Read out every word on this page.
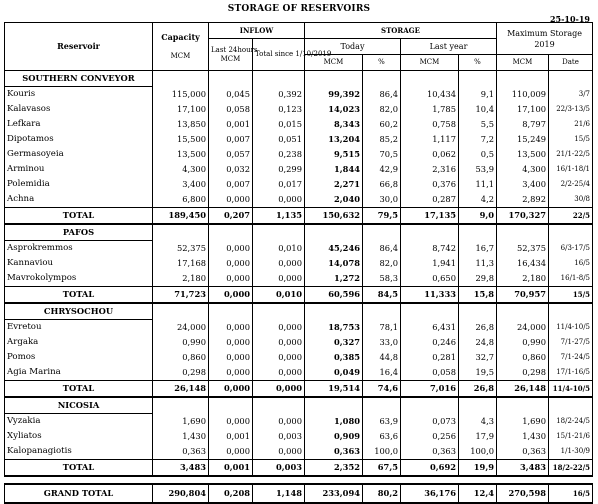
STORAGE OF RESERVOIRS
25-10-19
Reservoir	Capacity

MCM	INFLOW		STORAGE				Maximum Storage
2019	
		Last 24hours
MCM	Total since 1/10/2019	Today		Last year			
				MCM	%	MCM	%	MCM	Date
SOUTHERN CONVEYOR									
Kouris	115,000	0,045	0,392	99,392	86,4	10,434	9,1	110,009	3/7
Kalavasos	17,100	0,058	0,123	14,023	82,0	1,785	10,4	17,100	22/3-13/5
Lefkara	13,850	0,001	0,015	8,343	60,2	0,758	5,5	8,797	21/6
Dipotamos	15,500	0,007	0,051	13,204	85,2	1,117	7,2	15,249	15/5
Germasoyeia	13,500	0,057	0,238	9,515	70,5	0,062	0,5	13,500	21/1-22/5
Arminou	4,300	0,032	0,299	1,844	42,9	2,316	53,9	4,300	16/1-18/1
Polemidia	3,400	0,007	0,017	2,271	66,8	0,376	11,1	3,400	2/2-25/4
Achna	6,800	0,000	0,000	2,040	30,0	0,287	4,2	2,892	30/8
TOTAL	189,450	0,207	1,135	150,632	79,5	17,135	9,0	170,327	22/5
PAFOS									
Asprokremmos	52,375	0,000	0,010	45,246	86,4	8,742	16,7	52,375	6/3-17/5
Kannaviou	17,168	0,000	0,000	14,078	82,0	1,941	11,3	16,434	16/5
Mavrokolympos	2,180	0,000	0,000	1,272	58,3	0,650	29,8	2,180	16/1-8/5
TOTAL	71,723	0,000	0,010	60,596	84,5	11,333	15,8	70,957	15/5
CHRYSOCHOU									
Evretou	24,000	0,000	0,000	18,753	78,1	6,431	26,8	24,000	11/4-10/5
Argaka	0,990	0,000	0,000	0,327	33,0	0,246	24,8	0,990	7/1-27/5
Pomos	0,860	0,000	0,000	0,385	44,8	0,281	32,7	0,860	7/1-24/5
Agia Marina	0,298	0,000	0,000	0,049	16,4	0,058	19,5	0,298	17/1-16/5
TOTAL	26,148	0,000	0,000	19,514	74,6	7,016	26,8	26,148	11/4-10/5
NICOSIA									
Vyzakia	1,690	0,000	0,000	1,080	63,9	0,073	4,3	1,690	18/2-24/5
Xyliatos	1,430	0,001	0,003	0,909	63,6	0,256	17,9	1,430	15/1-21/6
Kalopanagiotis	0,363	0,000	0,000	0,363	100,0	0,363	100,0	0,363	1/1-30/9
TOTAL	3,483	0,001	0,003	2,352	67,5	0,692	19,9	3,483	18/2-22/5

GRAND TOTAL	290,804	0,208	1,148	233,094	80,2	36,176	12,4	270,598	16/5
